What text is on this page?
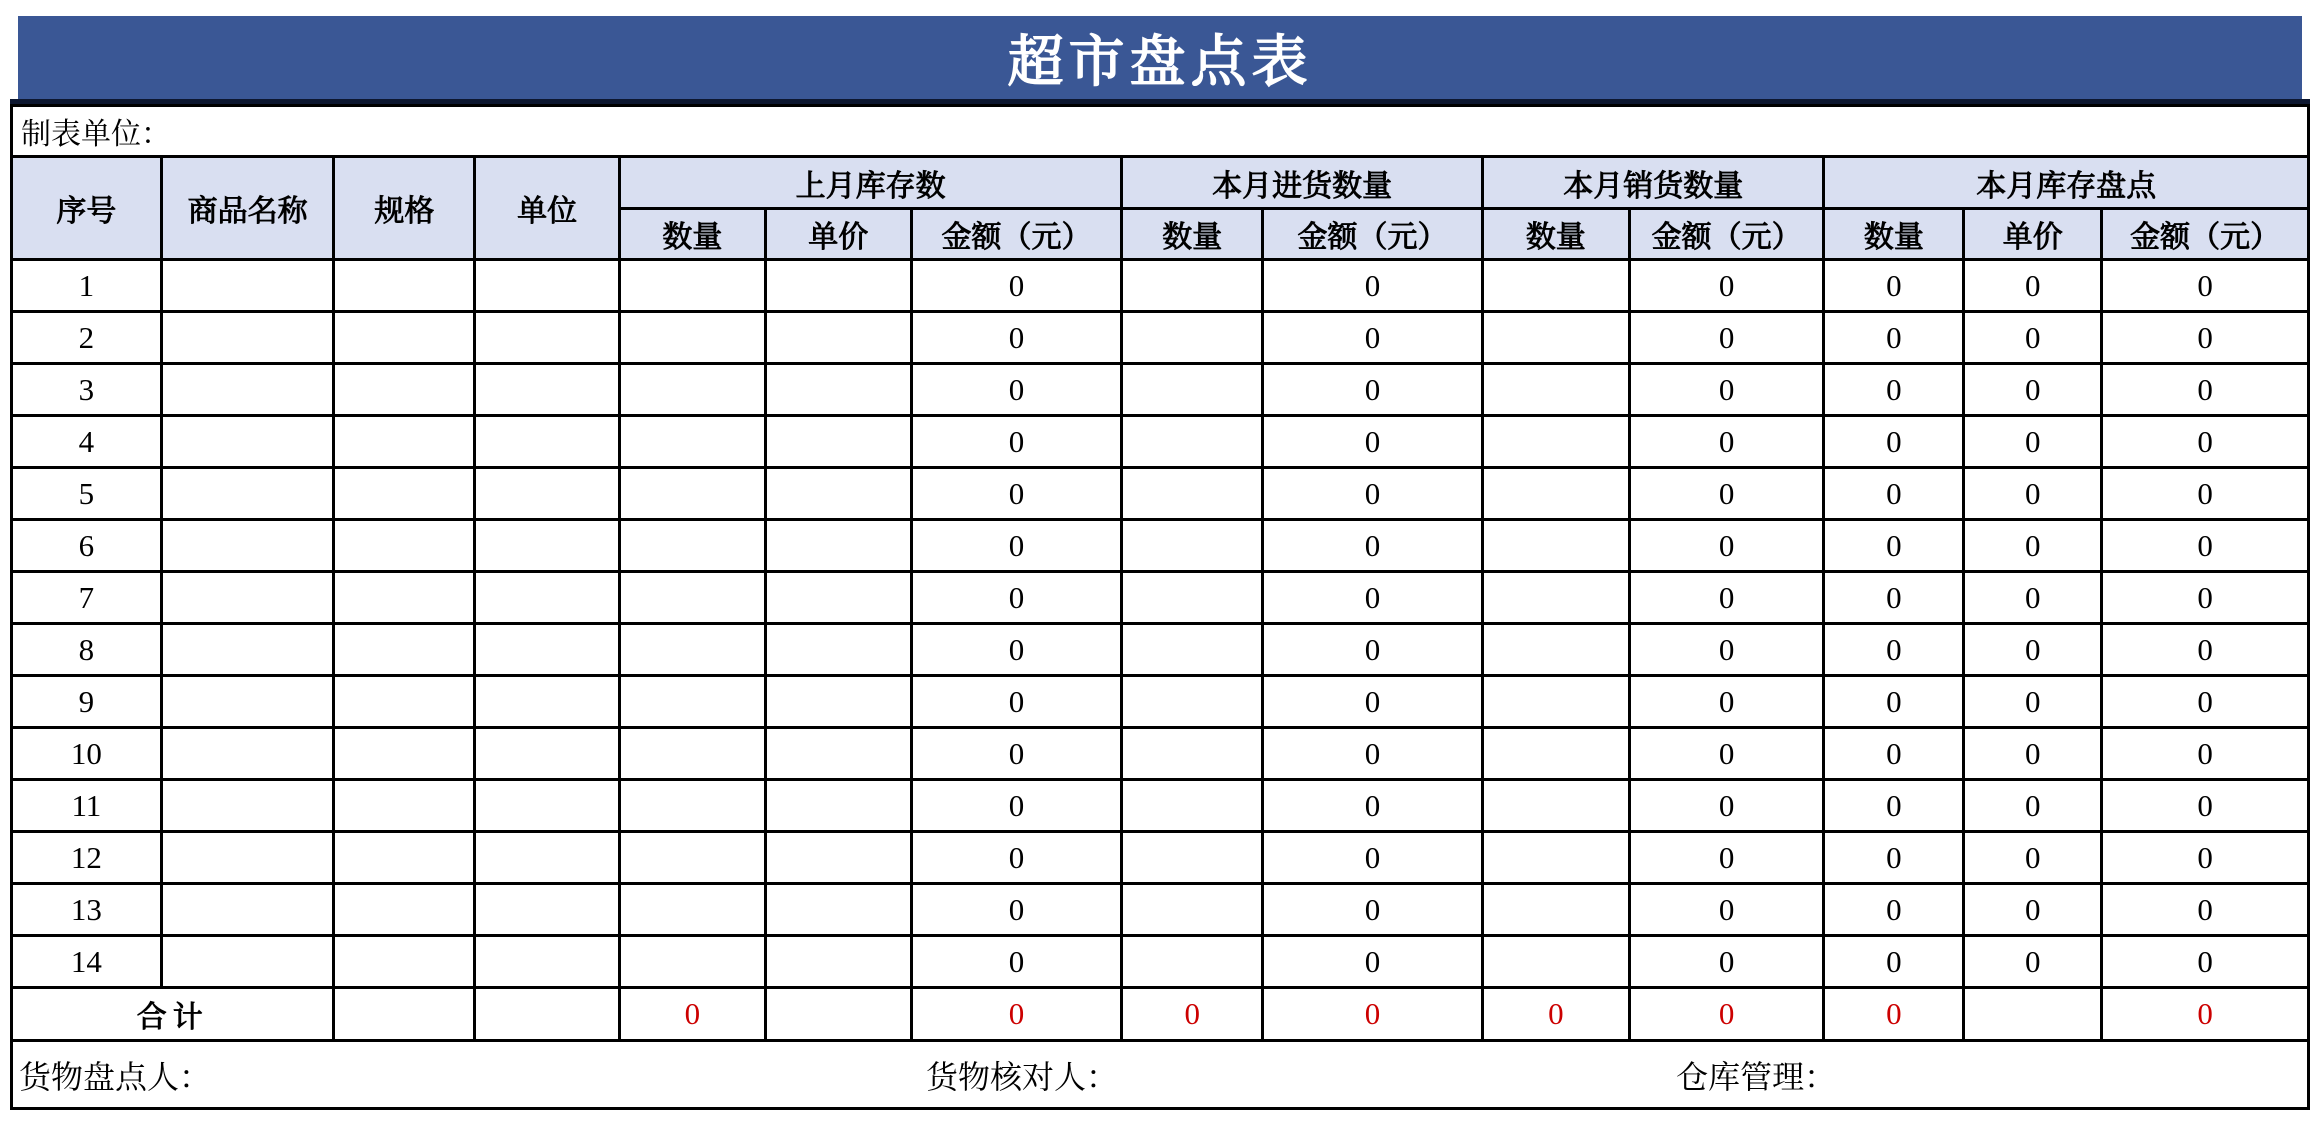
超市盘点表
制表单位：													
序号	商品名称	规格	单位	上月库存数			本月进货数量		本月销货数量		本月库存盘点		
				数量	单价	金额（元）	数量	金额（元）	数量	金额（元）	数量	单价	金额（元）
1						0		0		0	0	0	0
2						0		0		0	0	0	0
3						0		0		0	0	0	0
4						0		0		0	0	0	0
5						0		0		0	0	0	0
6						0		0		0	0	0	0
7						0		0		0	0	0	0
8						0		0		0	0	0	0
9						0		0		0	0	0	0
10						0		0		0	0	0	0
11						0		0		0	0	0	0
12						0		0		0	0	0	0
13						0		0		0	0	0	0
14						0		0		0	0	0	0
合计				0		0	0	0	0	0	0		0

货物盘点人： 货物核对人： 仓库管理：													
